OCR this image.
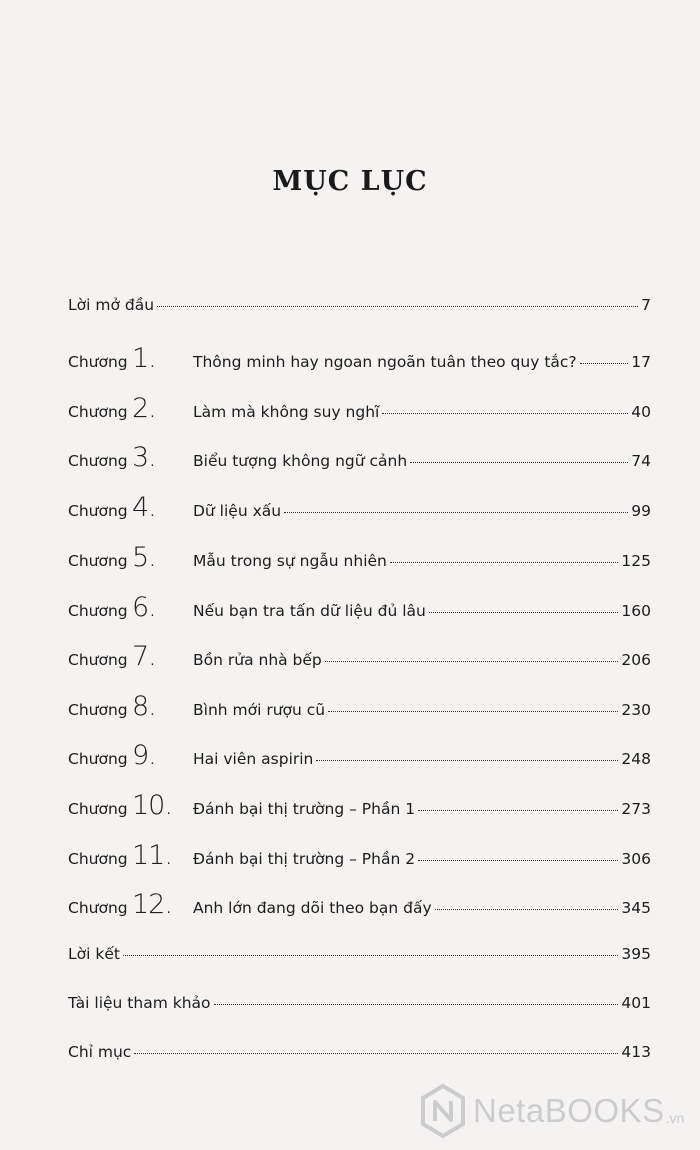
MỤC LỤC
Lời mở đầu	7
Chương 1.	Thông minh hay ngoan ngoãn tuân theo quy tắc?	17
Chương 2.	Làm mà không suy nghĩ	40
Chương 3.	Biểu tượng không ngữ cảnh	74
Chương 4.	Dữ liệu xấu	99
Chương 5.	Mẫu trong sự ngẫu nhiên	125
Chương 6.	Nếu bạn tra tấn dữ liệu đủ lâu	160
Chương 7.	Bồn rửa nhà bếp	206
Chương 8.	Bình mới rượu cũ	230
Chương 9.	Hai viên aspirin	248
Chương 10.	Đánh bại thị trường – Phần 1	273
Chương 11.	Đánh bại thị trường – Phần 2	306
Chương 12.	Anh lớn đang dõi theo bạn đấy	345
Lời kết	395
Tài liệu tham khảo	401
Chỉ mục	413
NetaBOOKS .vn
